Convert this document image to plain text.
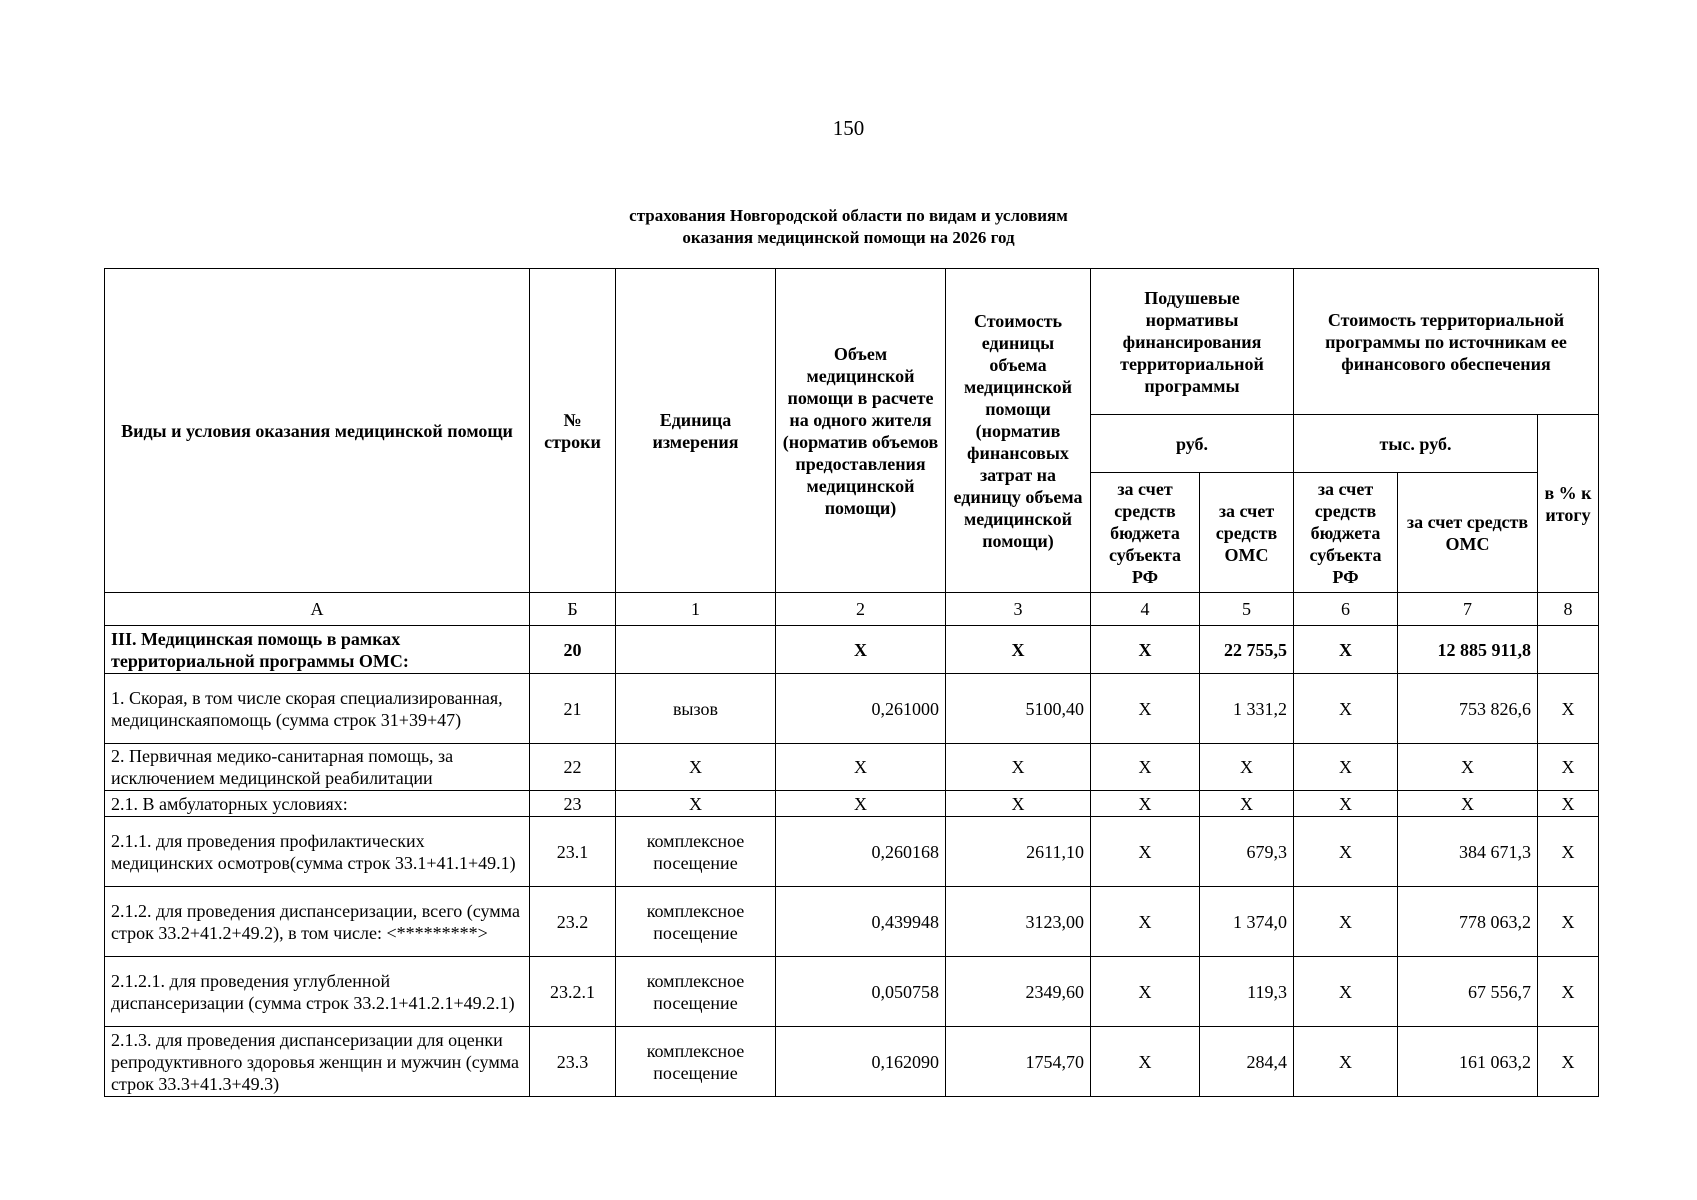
150
страхования Новгородской области по видам и условиям
оказания медицинской помощи на 2026 год
Виды и условия оказания медицинской помощи	№ строки	Единица измерения	Объем медицинской помощи в расчете на одного жителя (норматив объемов предоставления медицинской помощи)	Стоимость единицы объема медицинской помощи (норматив финансовых затрат на единицу объема медицинской помощи)	Подушевые нормативы финансирования территориальной программы		Стоимость территориальной программы по источникам ее финансового обеспечения		
					руб.		тыс. руб.		в % к итогу
					за счет средств бюджета субъекта РФ	за счет средств ОМС	за счет средств бюджета субъекта РФ	за счет средств ОМС	
А	Б	1	2	3	4	5	6	7	8
III. Медицинская помощь в рамках территориальной программы ОМС:	20		Х	Х	Х	22 755,5	Х	12 885 911,8	
1. Скорая, в том числе скорая специализированная, медицинскаяпомощь (сумма строк 31+39+47)	21	вызов	0,261000	5100,40	Х	1 331,2	Х	753 826,6	Х
2. Первичная медико-санитарная помощь, за исключением медицинской реабилитации	22	Х	Х	Х	Х	Х	Х	Х	Х
2.1. В амбулаторных условиях:	23	Х	Х	Х	Х	Х	Х	Х	Х
2.1.1. для проведения профилактических медицинских осмотров(сумма строк 33.1+41.1+49.1)	23.1	комплексное посещение	0,260168	2611,10	Х	679,3	Х	384 671,3	Х
2.1.2. для проведения диспансеризации, всего (сумма строк 33.2+41.2+49.2), в том числе: <*********>	23.2	комплексное посещение	0,439948	3123,00	Х	1 374,0	Х	778 063,2	Х
2.1.2.1. для проведения углубленной диспансеризации (сумма строк 33.2.1+41.2.1+49.2.1)	23.2.1	комплексное посещение	0,050758	2349,60	Х	119,3	Х	67 556,7	Х
2.1.3. для проведения диспансеризации для оценки репродуктивного здоровья женщин и мужчин (сумма строк 33.3+41.3+49.3)	23.3	комплексное посещение	0,162090	1754,70	Х	284,4	Х	161 063,2	Х
